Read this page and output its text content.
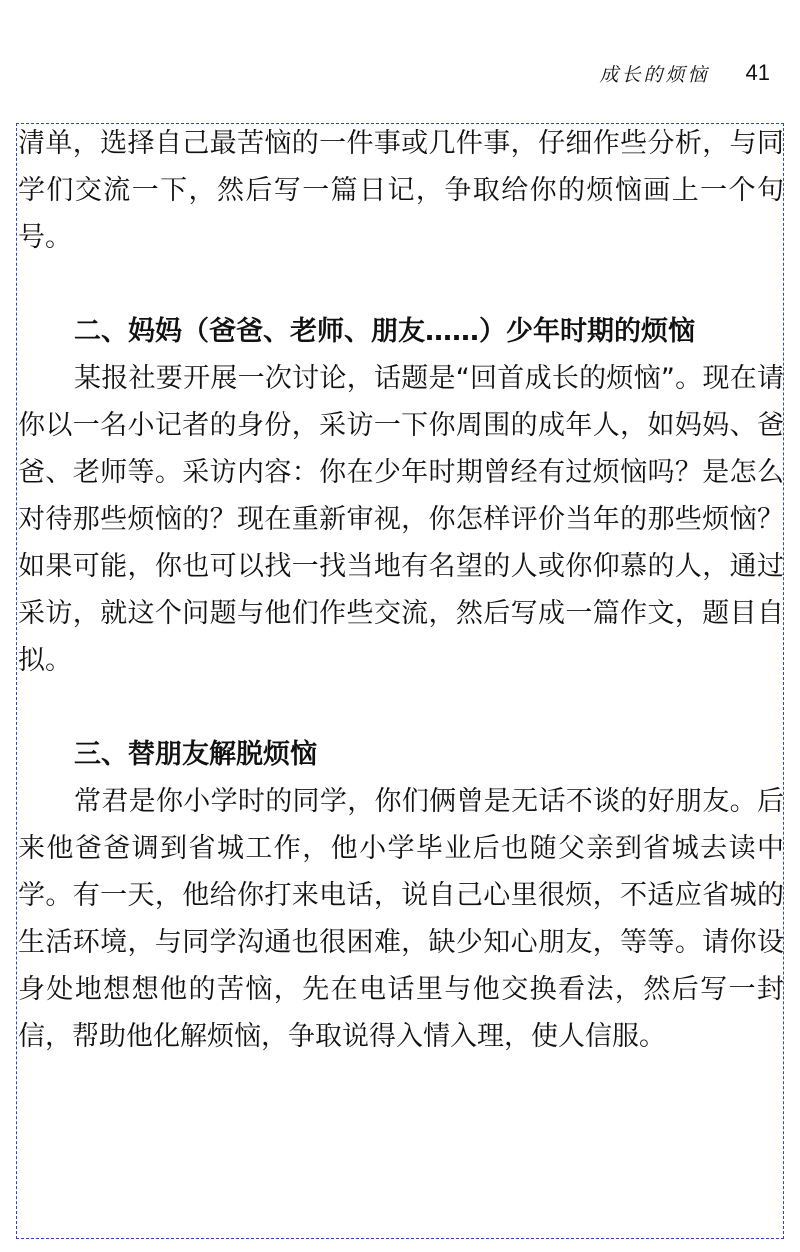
成长的烦恼 41

清单，选择自己最苦恼的一件事或几件事，仔细作些分析，与同学们交流一下，然后写一篇日记，争取给你的烦恼画上一个句号。

二、妈妈（爸爸、老师、朋友……）少年时期的烦恼

某报社要开展一次讨论，话题是“回首成长的烦恼”。现在请你以一名小记者的身份，采访一下你周围的成年人，如妈妈、爸爸、老师等。采访内容：你在少年时期曾经有过烦恼吗？是怎么对待那些烦恼的？现在重新审视，你怎样评价当年的那些烦恼？如果可能，你也可以找一找当地有名望的人或你仰慕的人，通过采访，就这个问题与他们作些交流，然后写成一篇作文，题目自拟。

三、替朋友解脱烦恼

常君是你小学时的同学，你们俩曾是无话不谈的好朋友。后来他爸爸调到省城工作，他小学毕业后也随父亲到省城去读中学。有一天，他给你打来电话，说自己心里很烦，不适应省城的生活环境，与同学沟通也很困难，缺少知心朋友，等等。请你设身处地想想他的苦恼，先在电话里与他交换看法，然后写一封信，帮助他化解烦恼，争取说得入情入理，使人信服。
